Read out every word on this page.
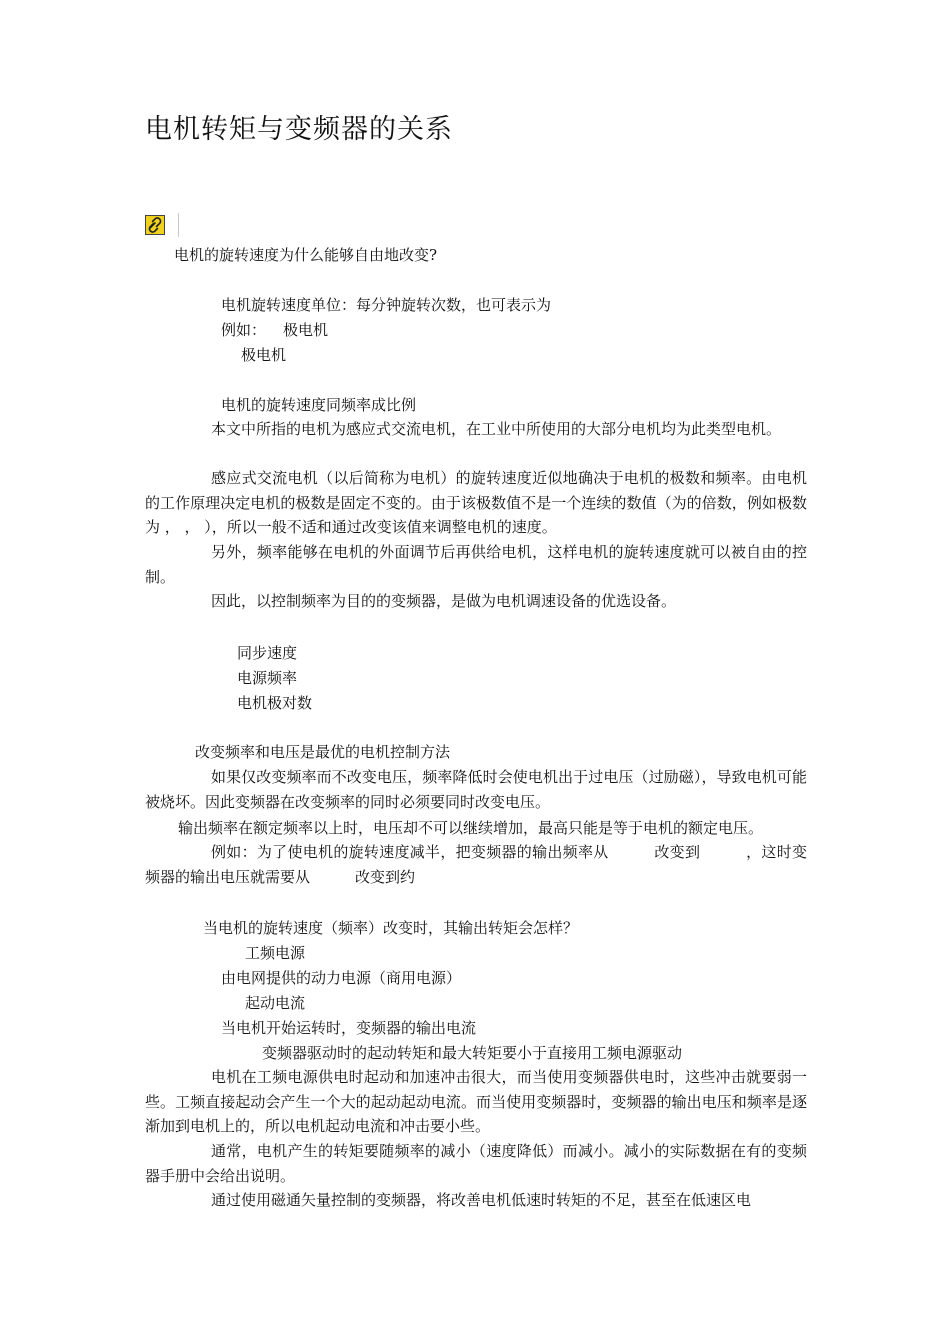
电机转矩与变频器的关系
电机的旋转速度为什么能够自由地改变?
电机旋转速度单位：每分钟旋转次数，也可表示为
例如： 极电机
极电机
电机的旋转速度同频率成比例
本文中所指的电机为感应式交流电机，在工业中所使用的大部分电机均为此类型电机。
感应式交流电机（以后简称为电机）的旋转速度近似地确决于电机的极数和频率。由电机的工作原理决定电机的极数是固定不变的。由于该极数值不是一个连续的数值（为的倍数，例如极数为 ， ， ），所以一般不适和通过改变该值来调整电机的速度。
另外，频率能够在电机的外面调节后再供给电机，这样电机的旋转速度就可以被自由的控制。
因此，以控制频率为目的的变频器，是做为电机调速设备的优选设备。
同步速度
电源频率
电机极对数
改变频率和电压是最优的电机控制方法
如果仅改变频率而不改变电压，频率降低时会使电机出于过电压（过励磁），导致电机可能被烧坏。因此变频器在改变频率的同时必须要同时改变电压。
输出频率在额定频率以上时，电压却不可以继续增加，最高只能是等于电机的额定电压。
例如：为了使电机的旋转速度减半，把变频器的输出频率从　　　改变到　　　，这时变频器的输出电压就需要从　　　改变到约
当电机的旋转速度（频率）改变时，其输出转矩会怎样？
工频电源
由电网提供的动力电源（商用电源）
起动电流
当电机开始运转时，变频器的输出电流
变频器驱动时的起动转矩和最大转矩要小于直接用工频电源驱动
电机在工频电源供电时起动和加速冲击很大，而当使用变频器供电时，这些冲击就要弱一些。工频直接起动会产生一个大的起动起动电流。而当使用变频器时，变频器的输出电压和频率是逐渐加到电机上的，所以电机起动电流和冲击要小些。
通常，电机产生的转矩要随频率的减小（速度降低）而减小。减小的实际数据在有的变频器手册中会给出说明。
通过使用磁通矢量控制的变频器，将改善电机低速时转矩的不足，甚至在低速区电
